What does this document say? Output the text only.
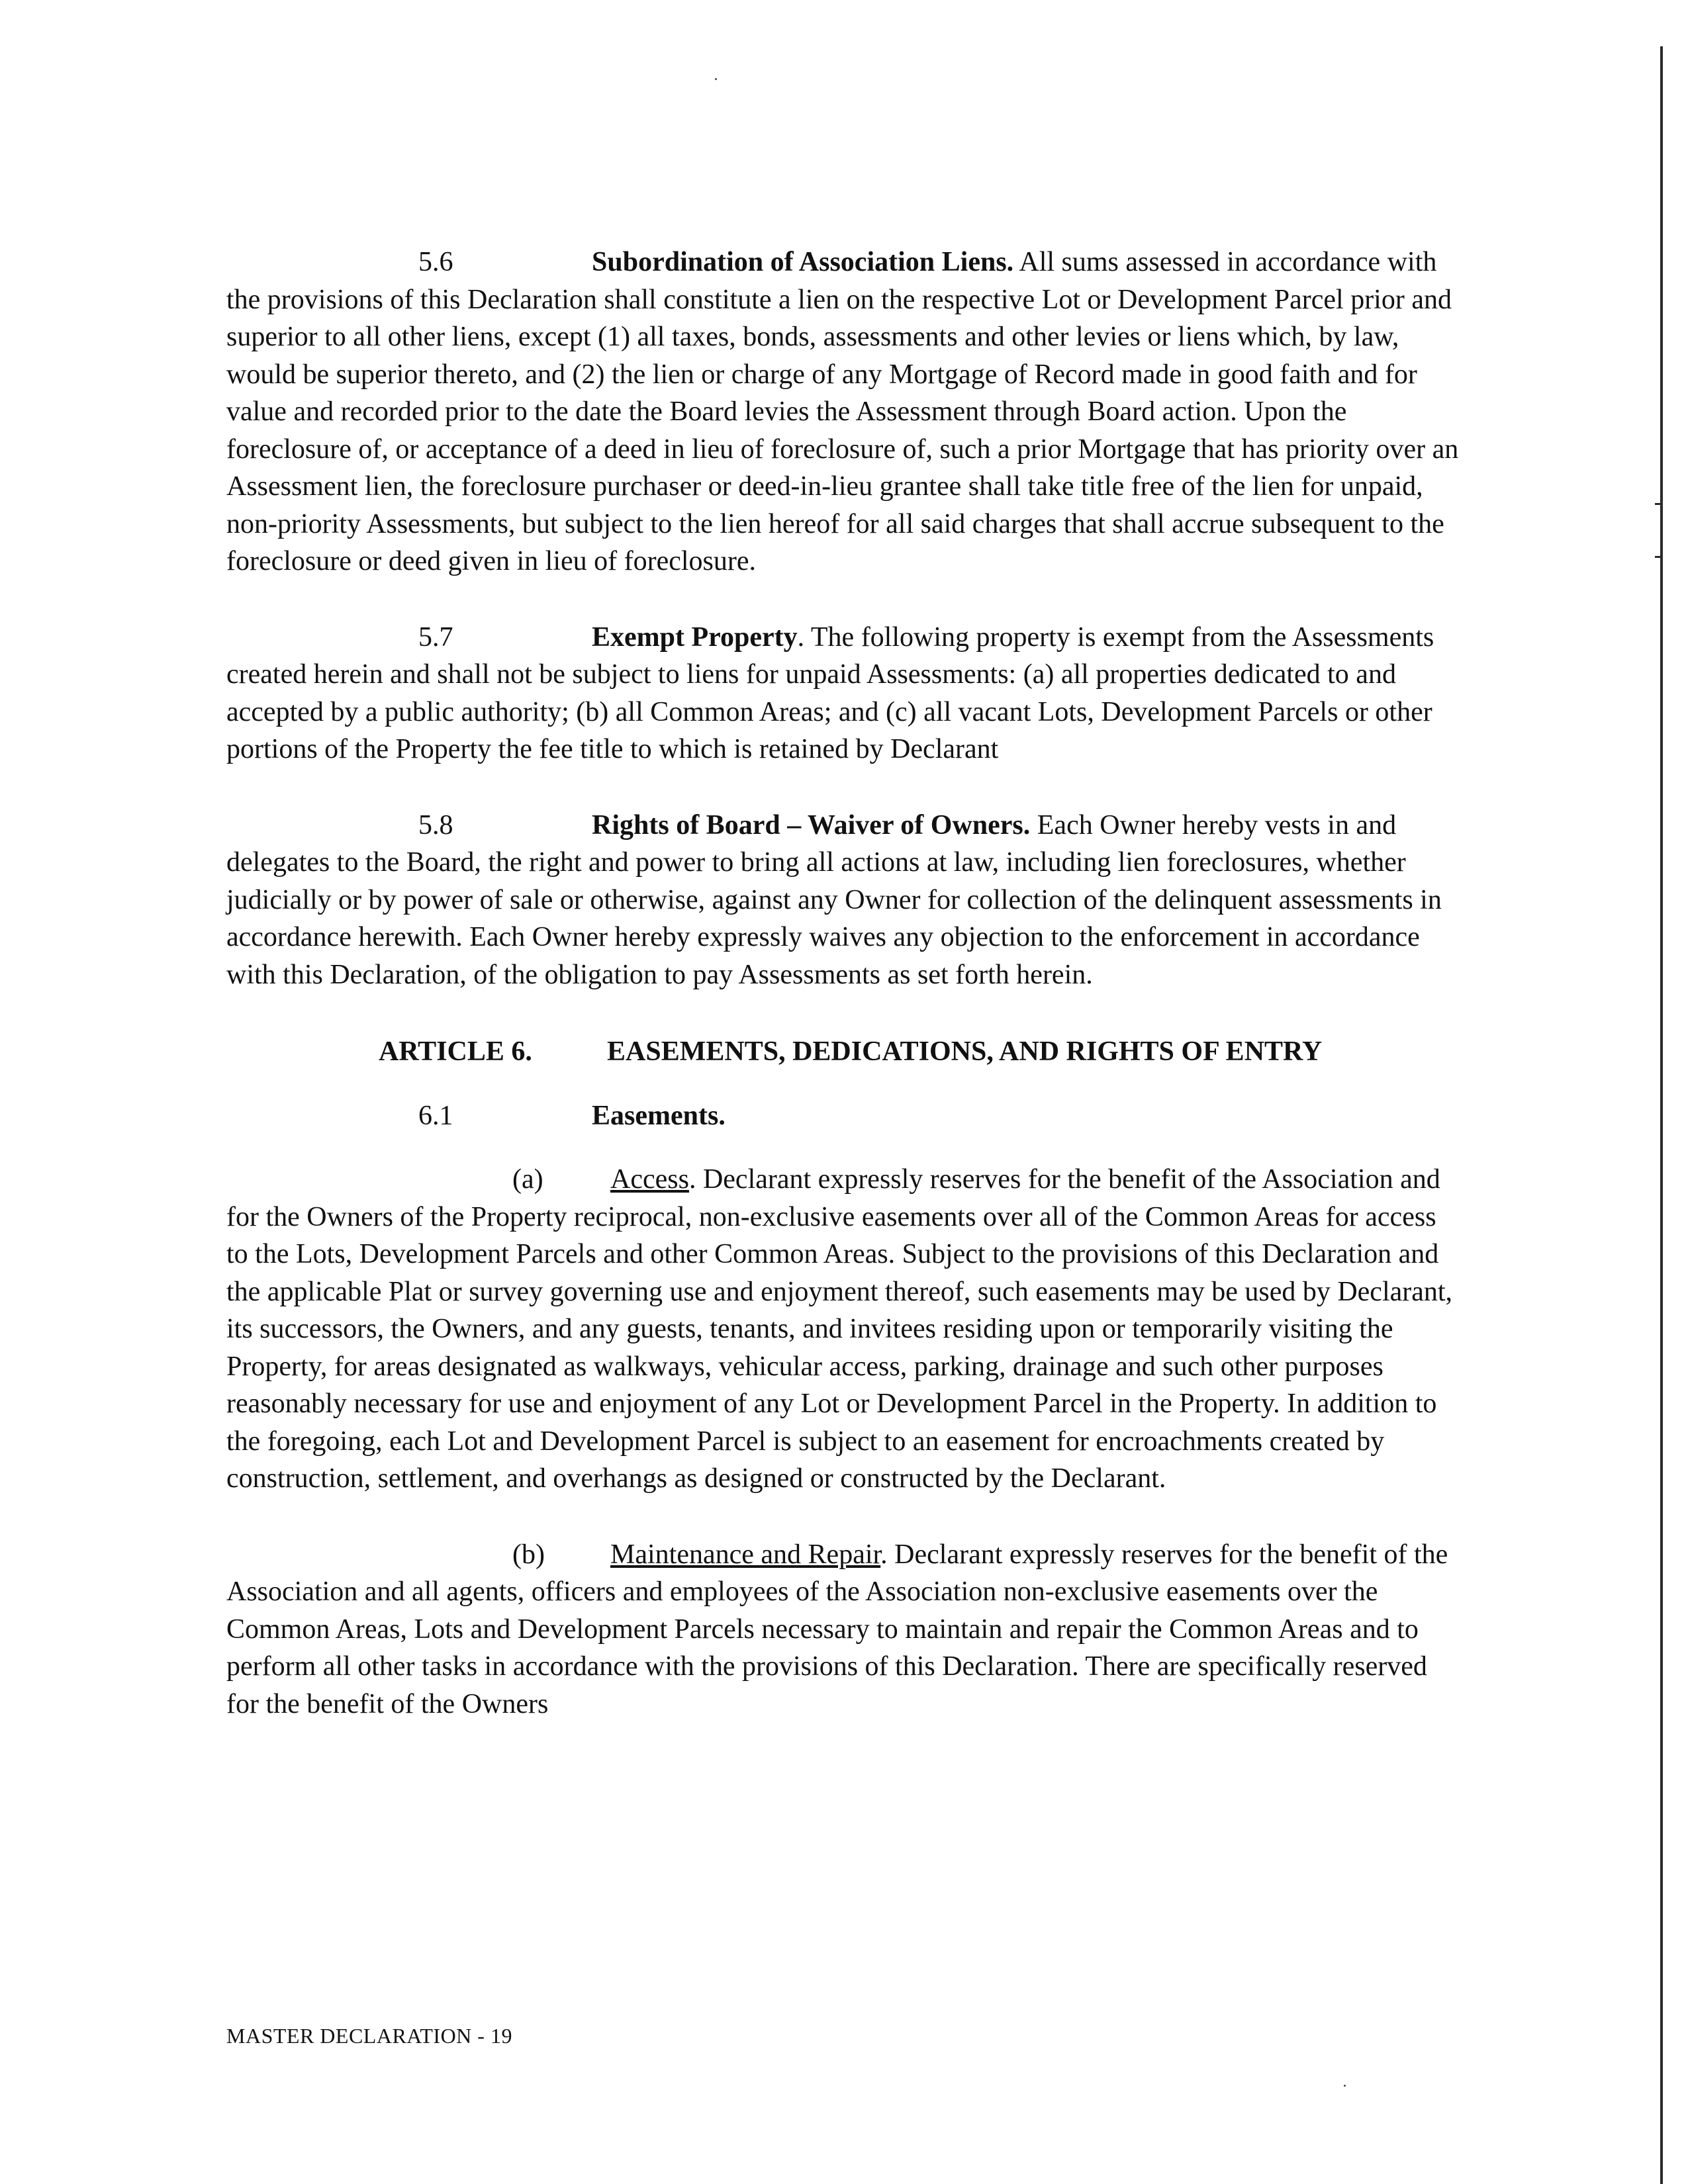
5.6	Subordination of Association Liens. All sums assessed in accordance with the provisions of this Declaration shall constitute a lien on the respective Lot or Development Parcel prior and superior to all other liens, except (1) all taxes, bonds, assessments and other levies or liens which, by law, would be superior thereto, and (2) the lien or charge of any Mortgage of Record made in good faith and for value and recorded prior to the date the Board levies the Assessment through Board action. Upon the foreclosure of, or acceptance of a deed in lieu of foreclosure of, such a prior Mortgage that has priority over an Assessment lien, the foreclosure purchaser or deed-in-lieu grantee shall take title free of the lien for unpaid, non-priority Assessments, but subject to the lien hereof for all said charges that shall accrue subsequent to the foreclosure or deed given in lieu of foreclosure.

5.7	Exempt Property. The following property is exempt from the Assessments created herein and shall not be subject to liens for unpaid Assessments: (a) all properties dedicated to and accepted by a public authority; (b) all Common Areas; and (c) all vacant Lots, Development Parcels or other portions of the Property the fee title to which is retained by Declarant

5.8	Rights of Board – Waiver of Owners. Each Owner hereby vests in and delegates to the Board, the right and power to bring all actions at law, including lien foreclosures, whether judicially or by power of sale or otherwise, against any Owner for collection of the delinquent assessments in accordance herewith. Each Owner hereby expressly waives any objection to the enforcement in accordance with this Declaration, of the obligation to pay Assessments as set forth herein.

ARTICLE 6.	EASEMENTS, DEDICATIONS, AND RIGHTS OF ENTRY
6.1	Easements.

(a) Access. Declarant expressly reserves for the benefit of the Association and for the Owners of the Property reciprocal, non-exclusive easements over all of the Common Areas for access to the Lots, Development Parcels and other Common Areas. Subject to the provisions of this Declaration and the applicable Plat or survey governing use and enjoyment thereof, such easements may be used by Declarant, its successors, the Owners, and any guests, tenants, and invitees residing upon or temporarily visiting the Property, for areas designated as walkways, vehicular access, parking, drainage and such other purposes reasonably necessary for use and enjoyment of any Lot or Development Parcel in the Property. In addition to the foregoing, each Lot and Development Parcel is subject to an easement for encroachments created by construction, settlement, and overhangs as designed or constructed by the Declarant.

(b) Maintenance and Repair. Declarant expressly reserves for the benefit of the Association and all agents, officers and employees of the Association non-exclusive easements over the Common Areas, Lots and Development Parcels necessary to maintain and repair the Common Areas and to perform all other tasks in accordance with the provisions of this Declaration. There are specifically reserved for the benefit of the Owners

MASTER DECLARATION - 19
